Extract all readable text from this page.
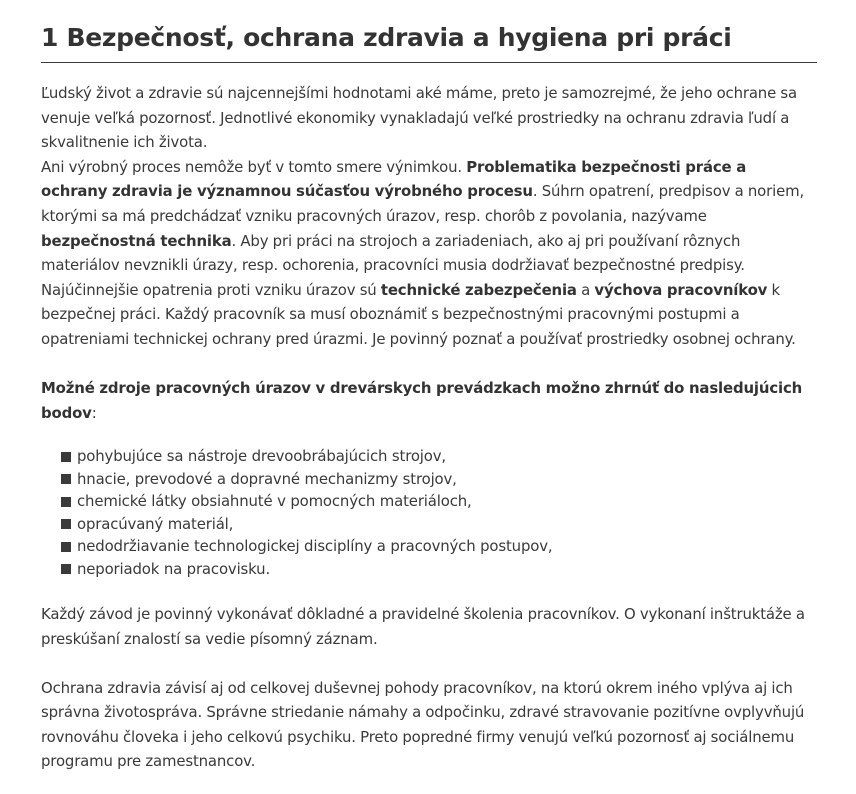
1 Bezpečnosť, ochrana zdravia a hygiena pri práci

Ľudský život a zdravie sú najcennejšími hodnotami aké máme, preto je samozrejmé, že jeho ochrane sa venuje veľká pozornosť. Jednotlivé ekonomiky vynakladajú veľké prostriedky na ochranu zdravia ľudí a skvalitnenie ich života.
Ani výrobný proces nemôže byť v tomto smere výnimkou. Problematika bezpečnosti práce a ochrany zdravia je významnou súčasťou výrobného procesu. Súhrn opatrení, predpisov a noriem, ktorými sa má predchádzať vzniku pracovných úrazov, resp. chorôb z povolania, nazývame bezpečnostná technika. Aby pri práci na strojoch a zariadeniach, ako aj pri používaní rôznych materiálov nevznikli úrazy, resp. ochorenia, pracovníci musia dodržiavať bezpečnostné predpisy. Najúčinnejšie opatrenia proti vzniku úrazov sú technické zabezpečenia a výchova pracovníkov k bezpečnej práci. Každý pracovník sa musí oboznámiť s bezpečnostnými pracovnými postupmi a opatreniami technickej ochrany pred úrazmi. Je povinný poznať a používať prostriedky osobnej ochrany.

Možné zdroje pracovných úrazov v drevárskych prevádzkach možno zhrnúť do nasledujúcich bodov:

pohybujúce sa nástroje drevoobrábajúcich strojov,
hnacie, prevodové a dopravné mechanizmy strojov,
chemické látky obsiahnuté v pomocných materiáloch,
opracúvaný materiál,
nedodržiavanie technologickej disciplíny a pracovných postupov,
neporiadok na pracovisku.

Každý závod je povinný vykonávať dôkladné a pravidelné školenia pracovníkov. O vykonaní inštruktáže a preskúšaní znalostí sa vedie písomný záznam.

Ochrana zdravia závisí aj od celkovej duševnej pohody pracovníkov, na ktorú okrem iného vplýva aj ich správna životospráva. Správne striedanie námahy a odpočinku, zdravé stravovanie pozitívne ovplyvňujú rovnováhu človeka i jeho celkovú psychiku. Preto popredné firmy venujú veľkú pozornosť aj sociálnemu programu pre zamestnancov.
